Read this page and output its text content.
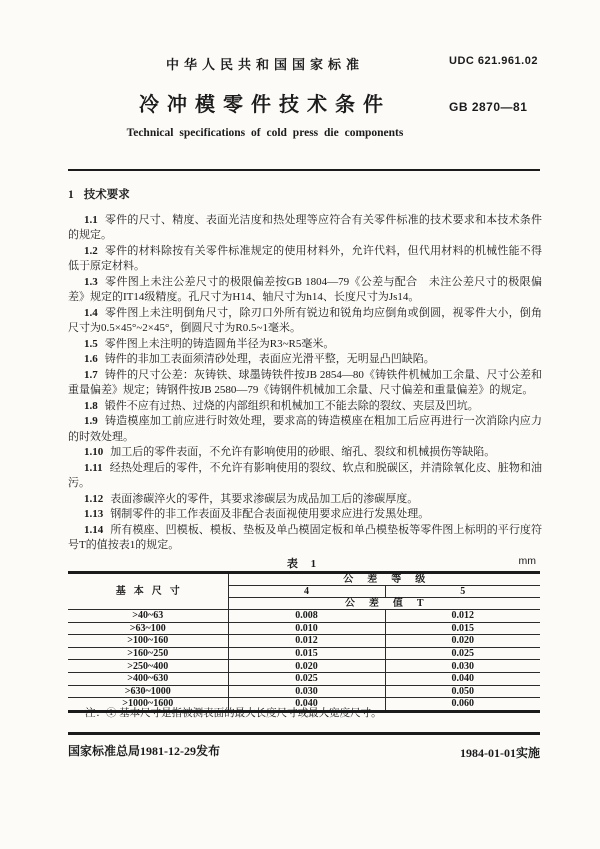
中华人民共和国国家标准	UDC 621.961.02
冷冲模零件技术条件	GB 2870—81
Technical specifications of cold press die components
1 技术要求

1.1 零件的尺寸、精度、表面光洁度和热处理等应符合有关零件标准的技术要求和本技术条件的规定。

1.2 零件的材料除按有关零件标准规定的使用材料外，允许代料，但代用材料的机械性能不得低于原定材料。

1.3 零件图上未注公差尺寸的极限偏差按GB 1804—79《公差与配合　未注公差尺寸的极限偏差》规定的IT14级精度。孔尺寸为H14、轴尺寸为h14、长度尺寸为Js14。

1.4 零件图上未注明倒角尺寸，除刃口外所有锐边和锐角均应倒角或倒圆，视零件大小，倒角尺寸为0.5×45°~2×45°，倒圆尺寸为R0.5~1毫米。

1.5 零件图上未注明的铸造圆角半径为R3~R5毫米。

1.6 铸件的非加工表面须清砂处理，表面应光滑平整，无明显凸凹缺陷。

1.7 铸件的尺寸公差：灰铸铁、球墨铸铁件按JB 2854—80《铸铁件机械加工余量、尺寸公差和重量偏差》规定；铸钢件按JB 2580—79《铸钢件机械加工余量、尺寸偏差和重量偏差》的规定。

1.8 锻件不应有过热、过烧的内部组织和机械加工不能去除的裂纹、夹层及凹坑。

1.9 铸造模座加工前应进行时效处理，要求高的铸造模座在粗加工后应再进行一次消除内应力的时效处理。

1.10 加工后的零件表面，不允许有影响使用的砂眼、缩孔、裂纹和机械损伤等缺陷。

1.11 经热处理后的零件，不允许有影响使用的裂纹、软点和脱碳区，并清除氧化皮、脏物和油污。

1.12 表面渗碳淬火的零件，其要求渗碳层为成品加工后的渗碳厚度。

1.13 钢制零件的非工作表面及非配合表面视使用要求应进行发黑处理。

1.14 所有模座、凹模板、模板、垫板及单凸模固定板和单凸模垫板等零件图上标明的平行度符号T的值按表1的规定。

表 1	mm
基本尺寸	公差等级	
	4	5
	公差值T	
>40~63	0.008	0.012
>63~100	0.010	0.015
>100~160	0.012	0.020
>160~250	0.015	0.025
>250~400	0.020	0.030
>400~630	0.025	0.040
>630~1000	0.030	0.050
>1000~1600	0.040	0.060
注：① 基本尺寸是指被测表面的最大长度尺寸或最大宽度尺寸。
国家标准总局1981-12-29发布	1984-01-01实施
